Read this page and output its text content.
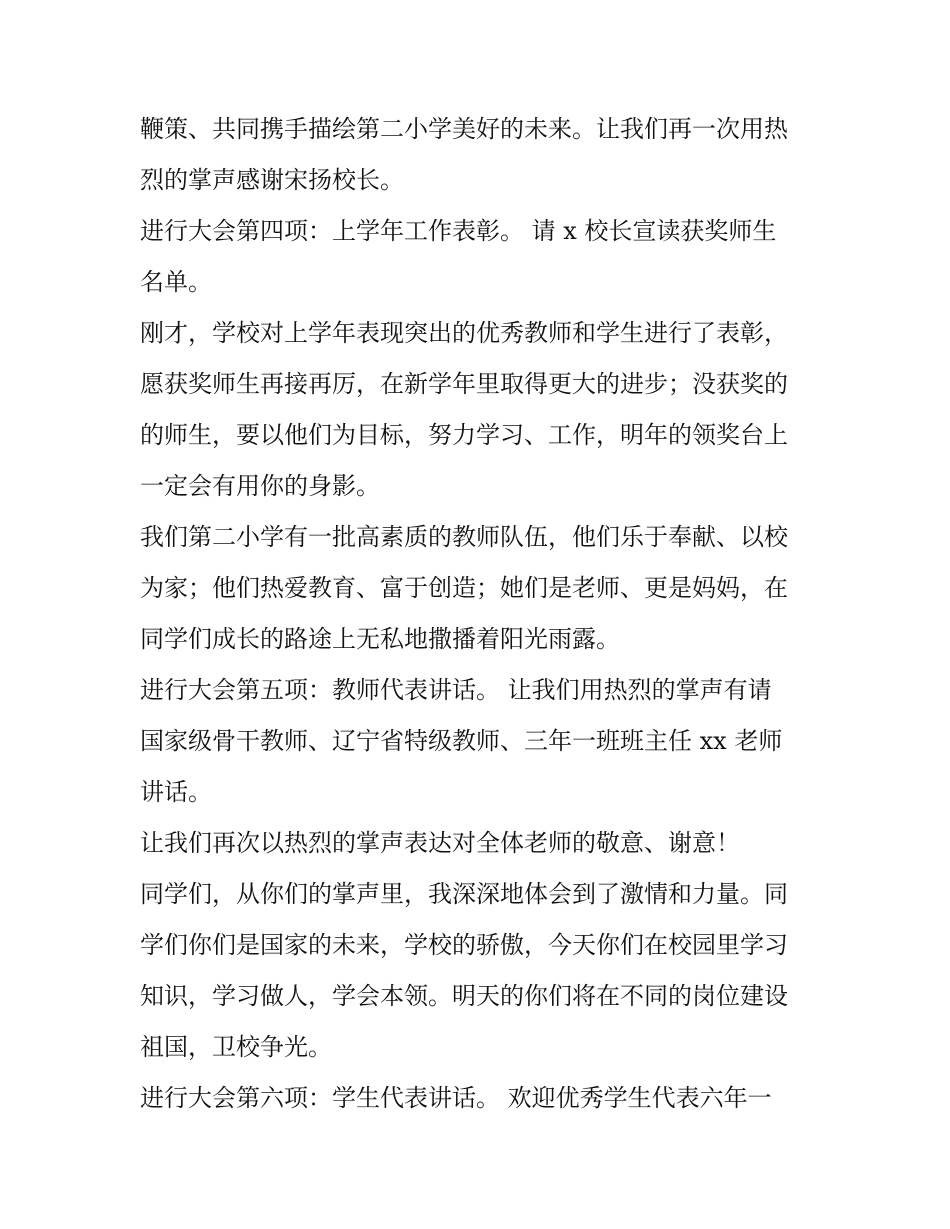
鞭策、共同携手描绘第二小学美好的未来。让我们再一次用热
烈的掌声感谢宋扬校长。
进行大会第四项：上学年工作表彰。 请 x 校长宣读获奖师生
名单。
刚才，学校对上学年表现突出的优秀教师和学生进行了表彰，
愿获奖师生再接再厉，在新学年里取得更大的进步；没获奖的
的师生，要以他们为目标，努力学习、工作，明年的领奖台上
一定会有用你的身影。
我们第二小学有一批高素质的教师队伍，他们乐于奉献、以校
为家；他们热爱教育、富于创造；她们是老师、更是妈妈，在
同学们成长的路途上无私地撒播着阳光雨露。
进行大会第五项：教师代表讲话。 让我们用热烈的掌声有请
国家级骨干教师、辽宁省特级教师、三年一班班主任 xx 老师
讲话。
让我们再次以热烈的掌声表达对全体老师的敬意、谢意！
同学们，从你们的掌声里，我深深地体会到了激情和力量。同
学们你们是国家的未来，学校的骄傲，今天你们在校园里学习
知识，学习做人，学会本领。明天的你们将在不同的岗位建设
祖国，卫校争光。
进行大会第六项：学生代表讲话。 欢迎优秀学生代表六年一
